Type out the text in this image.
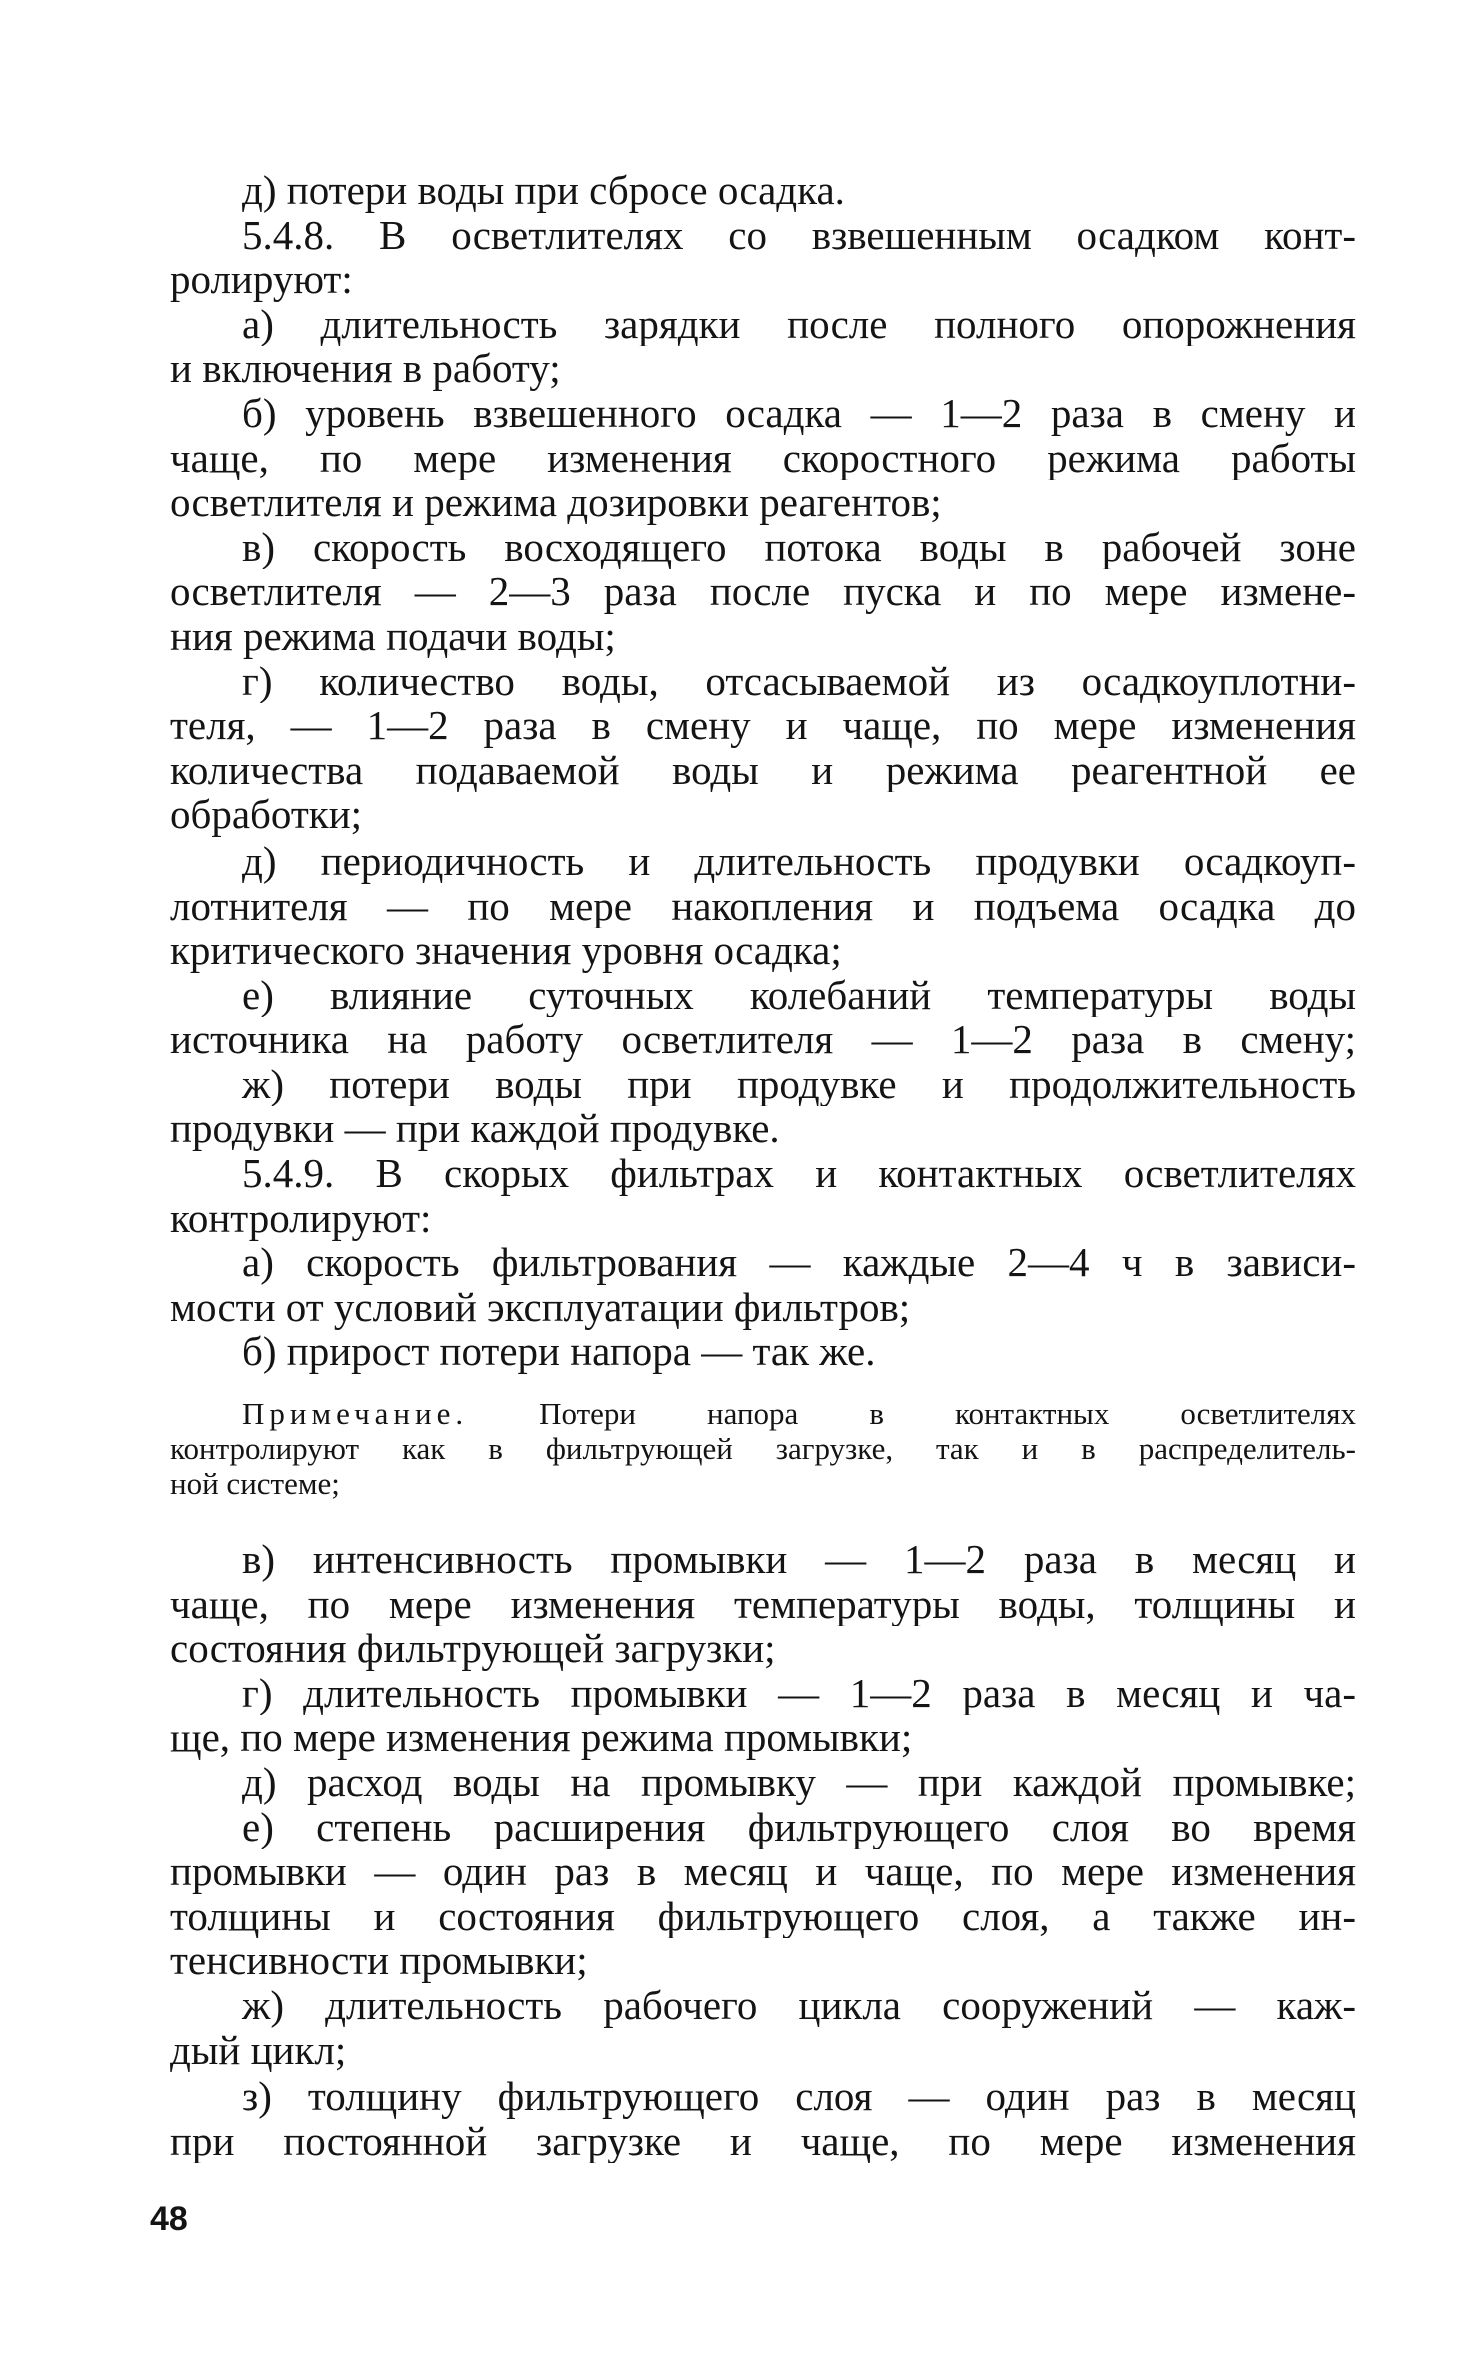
д) потери воды при сбросе осадка.
5.4.8. В осветлителях со взвешенным осадком конт-
ролируют:
а) длительность зарядки после полного опорожнения
и включения в работу;
б) уровень взвешенного осадка — 1—2 раза в смену и
чаще, по мере изменения скоростного режима работы
осветлителя и режима дозировки реагентов;
в) скорость восходящего потока воды в рабочей зоне
осветлителя — 2—3 раза после пуска и по мере измене-
ния режима подачи воды;
г) количество воды, отсасываемой из осадкоуплотни-
теля, — 1—2 раза в смену и чаще, по мере изменения
количества подаваемой воды и режима реагентной ее
обработки;
д) периодичность и длительность продувки осадкоуп-
лотнителя — по мере накопления и подъема осадка до
критического значения уровня осадка;
е) влияние суточных колебаний температуры воды
источника на работу осветлителя — 1—2 раза в смену;
ж) потери воды при продувке и продолжительность
продувки — при каждой продувке.
5.4.9. В скорых фильтрах и контактных осветлителях
контролируют:
а) скорость фильтрования — каждые 2—4 ч в зависи-
мости от условий эксплуатации фильтров;
б) прирост потери напора — так же.
Примечание. Потери напора в контактных осветлителях
контролируют как в фильтрующей загрузке, так и в распределитель-
ной системе;
в) интенсивность промывки — 1—2 раза в месяц и
чаще, по мере изменения температуры воды, толщины и
состояния фильтрующей загрузки;
г) длительность промывки — 1—2 раза в месяц и ча-
ще, по мере изменения режима промывки;
д) расход воды на промывку — при каждой промывке;
е) степень расширения фильтрующего слоя во время
промывки — один раз в месяц и чаще, по мере изменения
толщины и состояния фильтрующего слоя, а также ин-
тенсивности промывки;
ж) длительность рабочего цикла сооружений — каж-
дый цикл;
з) толщину фильтрующего слоя — один раз в месяц
при постоянной загрузке и чаще, по мере изменения
48
